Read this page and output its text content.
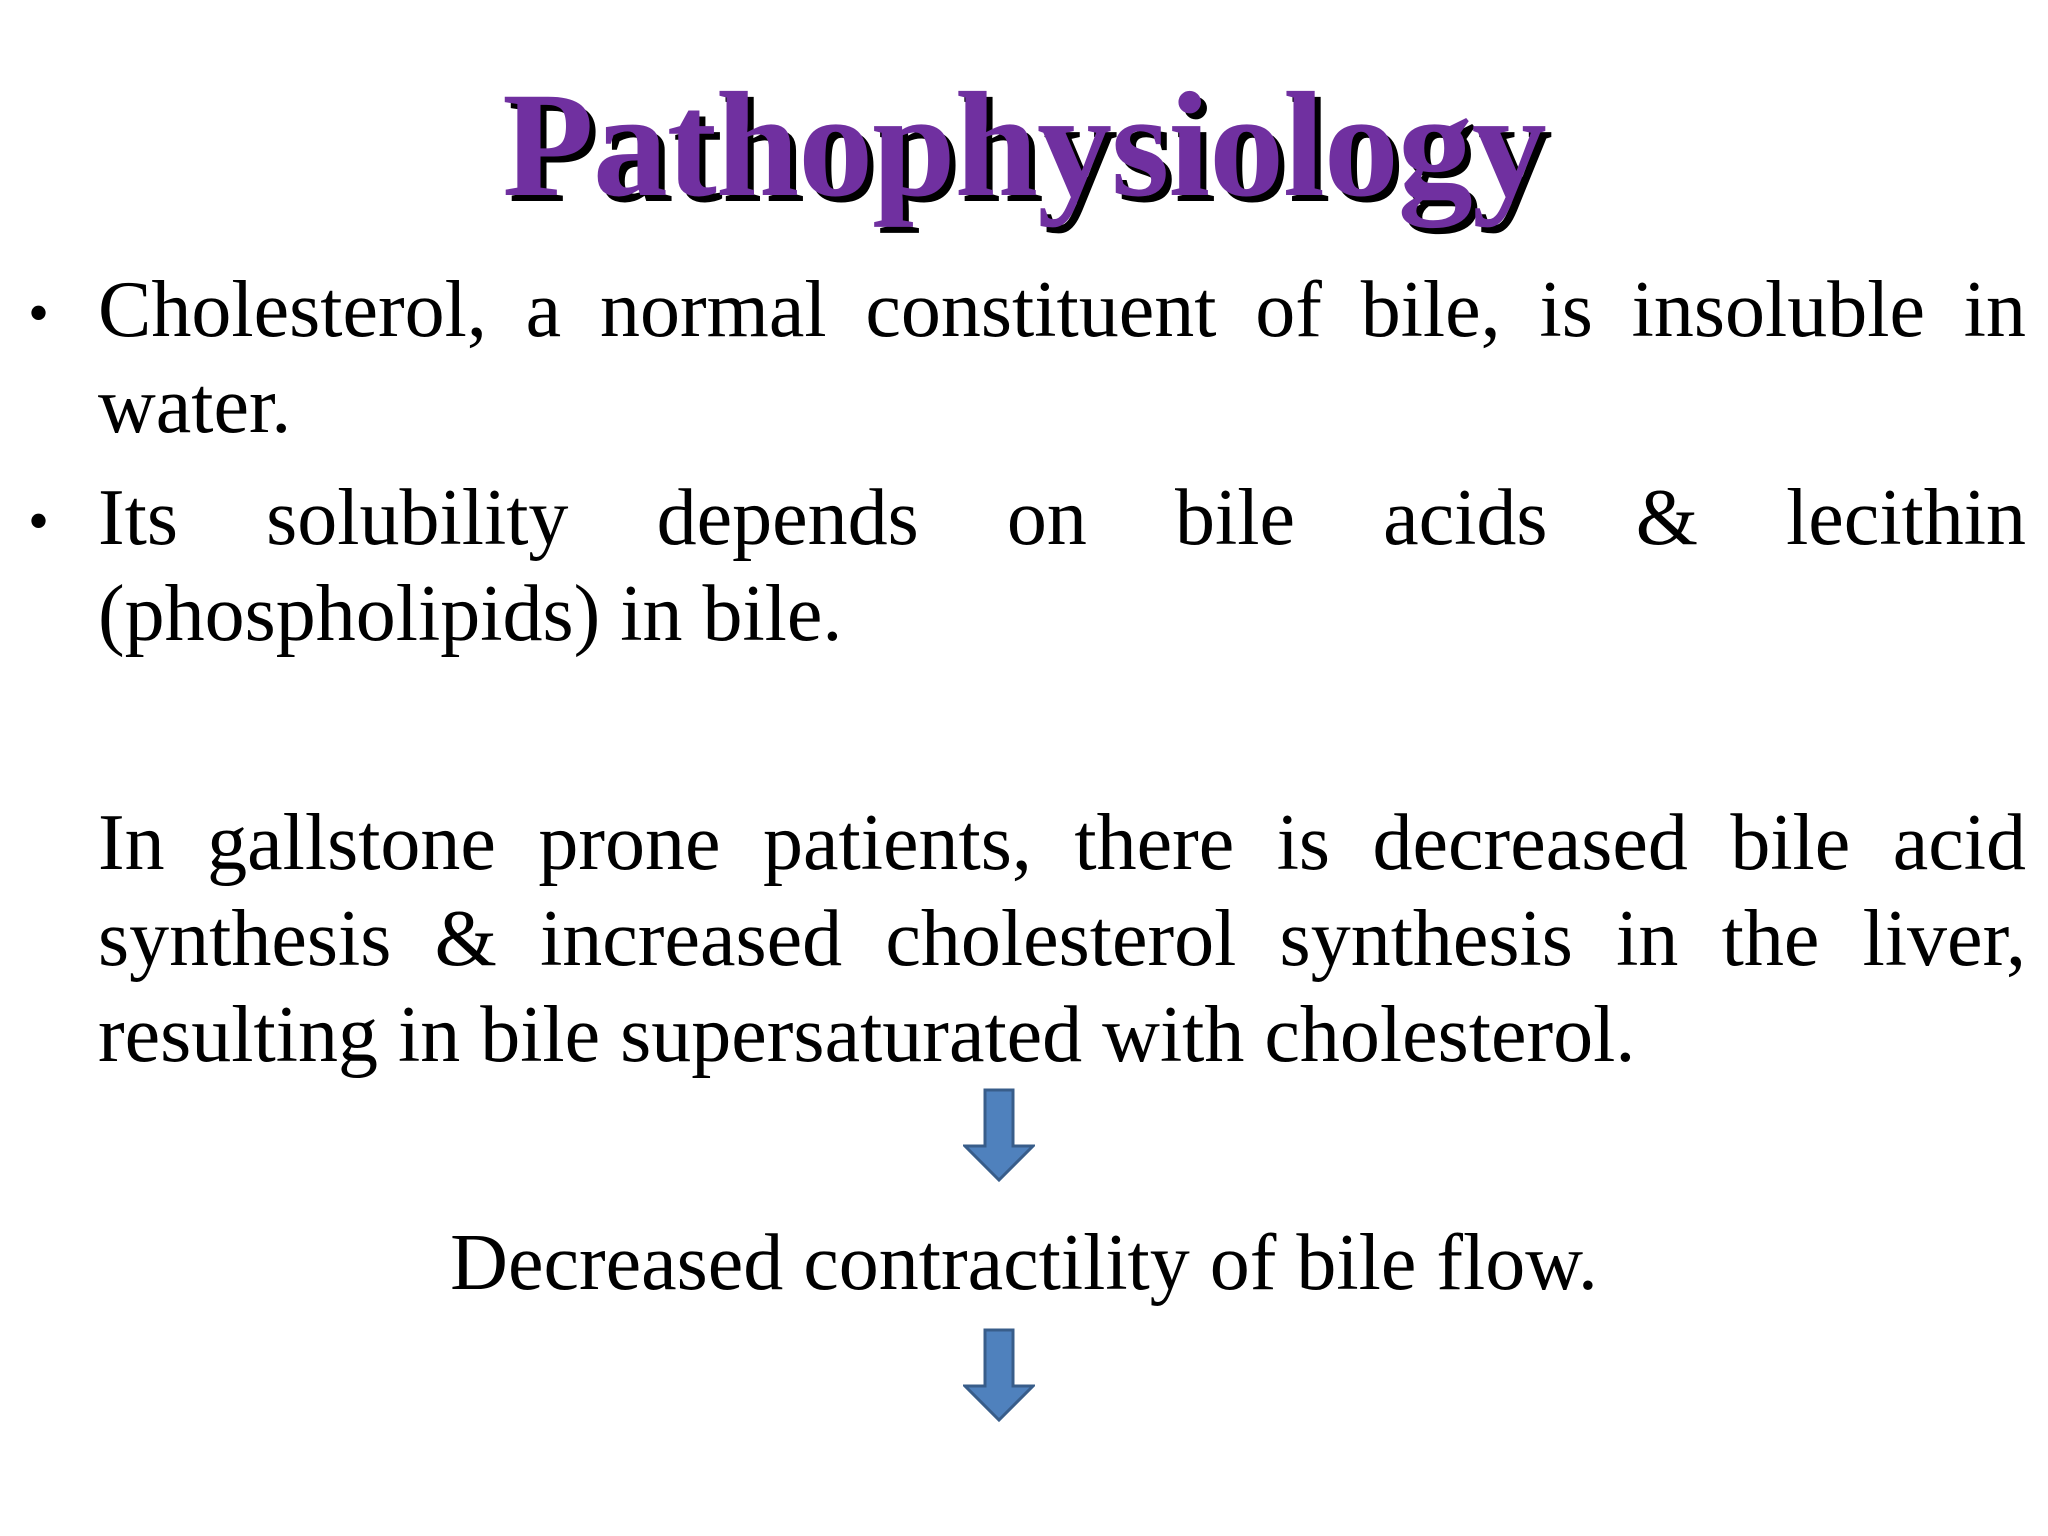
Pathophysiology
• Cholesterol, a normal constituent of bile, is insoluble in water.
• Its solubility depends on bile acids & lecithin (phospholipids) in bile.

In gallstone prone patients, there is decreased bile acid synthesis & increased cholesterol synthesis in the liver, resulting in bile supersaturated with cholesterol.

Decreased contractility of bile flow.
